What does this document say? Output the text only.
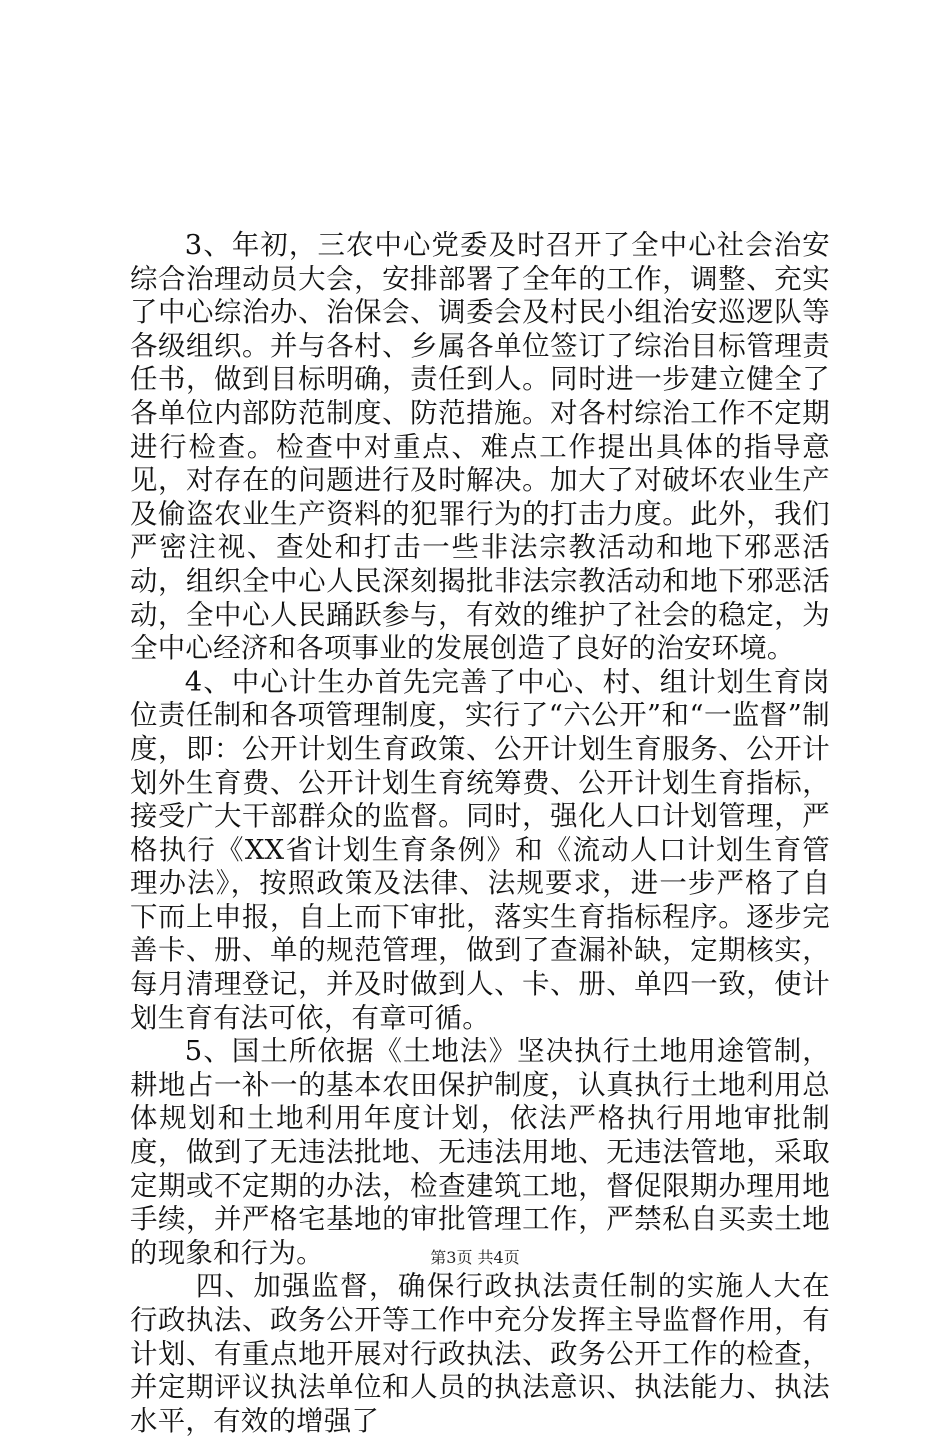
3、年初，三农中心党委及时召开了全中心社会治安综合治理动员大会，安排部署了全年的工作，调整、充实了中心综治办、治保会、调委会及村民小组治安巡逻队等各级组织。并与各村、乡属各单位签订了综治目标管理责任书，做到目标明确，责任到人。同时进一步建立健全了各单位内部防范制度、防范措施。对各村综治工作不定期进行检查。检查中对重点、难点工作提出具体的指导意见，对存在的问题进行及时解决。加大了对破坏农业生产及偷盗农业生产资料的犯罪行为的打击力度。此外，我们严密注视、查处和打击一些非法宗教活动和地下邪恶活动，组织全中心人民深刻揭批非法宗教活动和地下邪恶活动，全中心人民踊跃参与，有效的维护了社会的稳定，为全中心经济和各项事业的发展创造了良好的治安环境。

4、中心计生办首先完善了中心、村、组计划生育岗位责任制和各项管理制度，实行了“六公开”和“一监督”制度，即：公开计划生育政策、公开计划生育服务、公开计划外生育费、公开计划生育统筹费、公开计划生育指标，接受广大干部群众的监督。同时，强化人口计划管理，严格执行《XX省计划生育条例》和《流动人口计划生育管理办法》，按照政策及法律、法规要求，进一步严格了自下而上申报，自上而下审批，落实生育指标程序。逐步完善卡、册、单的规范管理，做到了查漏补缺，定期核实，每月清理登记，并及时做到人、卡、册、单四一致，使计划生育有法可依，有章可循。

5、国土所依据《土地法》坚决执行土地用途管制，耕地占一补一的基本农田保护制度，认真执行土地利用总体规划和土地利用年度计划，依法严格执行用地审批制度，做到了无违法批地、无违法用地、无违法管地，采取定期或不定期的办法，检查建筑工地，督促限期办理用地手续，并严格宅基地的审批管理工作，严禁私自买卖土地的现象和行为。

四、加强监督，确保行政执法责任制的实施人大在行政执法、政务公开等工作中充分发挥主导监督作用，有计划、有重点地开展对行政执法、政务公开工作的检查，并定期评议执法单位和人员的执法意识、执法能力、执法水平，有效的增强了

第3页 共4页
